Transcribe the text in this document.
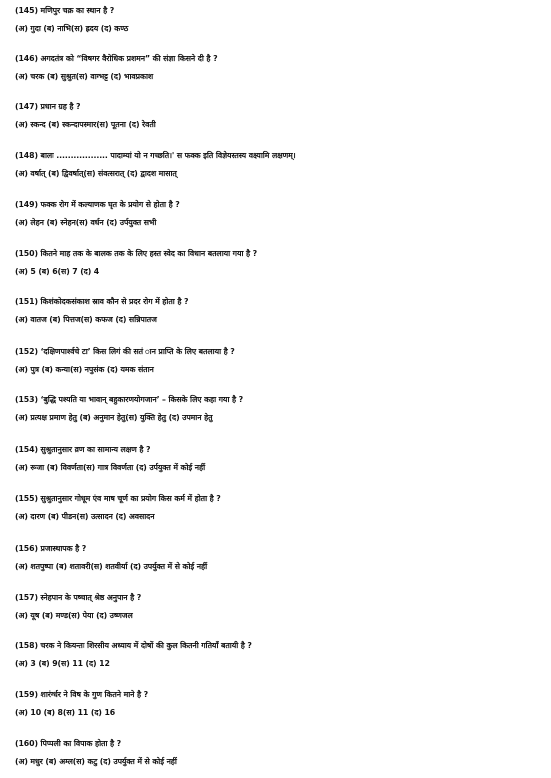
(145) मणिपुर चक्र का स्थान है ?
(अ) गुदा (ब) नाभि(स) ह्रदय (द) कण्ठ
(146) अगदतंत्र को “विषगर वैरोधिक प्रशमन” की संज्ञा किसने दी है ?
(अ) चरक (ब) सुश्रुत(स) वाग्भट्ट (द) भावप्रकाश
(147) प्रधान ग्रह है ?
(अ) स्कन्द (ब) स्कन्दापस्मार(स) पूतना (द) रेवती
(148) बालः .................. पादाम्यां यो न गच्छति।' स फक्क इति विज्ञेयस्तस्य वक्ष्यामि लक्षणम्।
(अ) वर्षात् (ब) द्विवर्षात्(स) संवत्सरात् (द) द्वादश मासात्
(149) फक्क रोग में कल्याणक घृत के प्रयोग से होता है ?
(अ) लेहन (ब) स्नेहन(स) वर्धन (द) उर्पयुक्त सभी
(150) कितने माह तक के बालक तक के लिए हस्त स्वेद का विधान बतलाया गया है ?
(अ) 5 (ब) 6(स) 7 (द) 4
(151) किशंकोदकसंकाश स्राव कौन से प्रदर रोग में होता है ?
(अ) वातज (ब) पित्तज(स) कफज (द) सन्निपातज
(152) ‘दक्षिणपार्श्वचे टा’ किस लिगं की सतं ान प्राप्ति के लिए बतलाया है ?
(अ) पुत्र (ब) कन्या(स) नपुसंक (द) यमक संतान
(153) ‘बुद्धि पश्यति या भावान् बहुकारणयोगजान’ – किसके लिए कहा गया है ?
(अ) प्रत्यक्ष प्रमाण हेतु (ब) अनुमान हेतु(स) युक्ति हेतु (द) उपमान हेतु
(154) सुश्रुतानुसार व्रण का सामान्य लक्षण है ?
(अ) रूजा (ब) विवर्णता(स) गात्र विवर्णता (द) उर्पयुक्त में कोई नहीं
(155) सुश्रुतानुसार गोधूम एंव माष चूर्ण का प्रयोग किस कर्म में होता है ?
(अ) दारण (ब) पीडन(स) उत्सादन (द) अवसादन
(156) प्रजास्थापक है ?
(अ) शतपुष्पा (ब) शतावरी(स) शतवीर्या (द) उपर्युक्त में से कोई नहीं
(157) स्नेहपान के पष्चात् श्रेष्ठ अनुपान है ?
(अ) यूष (ब) मण्ड(स) पेया (द) उष्णजल
(158) चरक ने कियन्तः शिरसीय अध्याय में दोषों की कुल कितनी गतियाँ बतायी है ?
(अ) 3 (ब) 9(स) 11 (द) 12
(159) शारंर्ग्धर ने विष के गुण कितने माने है ?
(अ) 10 (ब) 8(स) 11 (द) 16
(160) पिप्पली का विपाक होता है ?
(अ) मधुर (ब) अम्ल(स) कटु (द) उपर्युक्त में से कोई नहीं
